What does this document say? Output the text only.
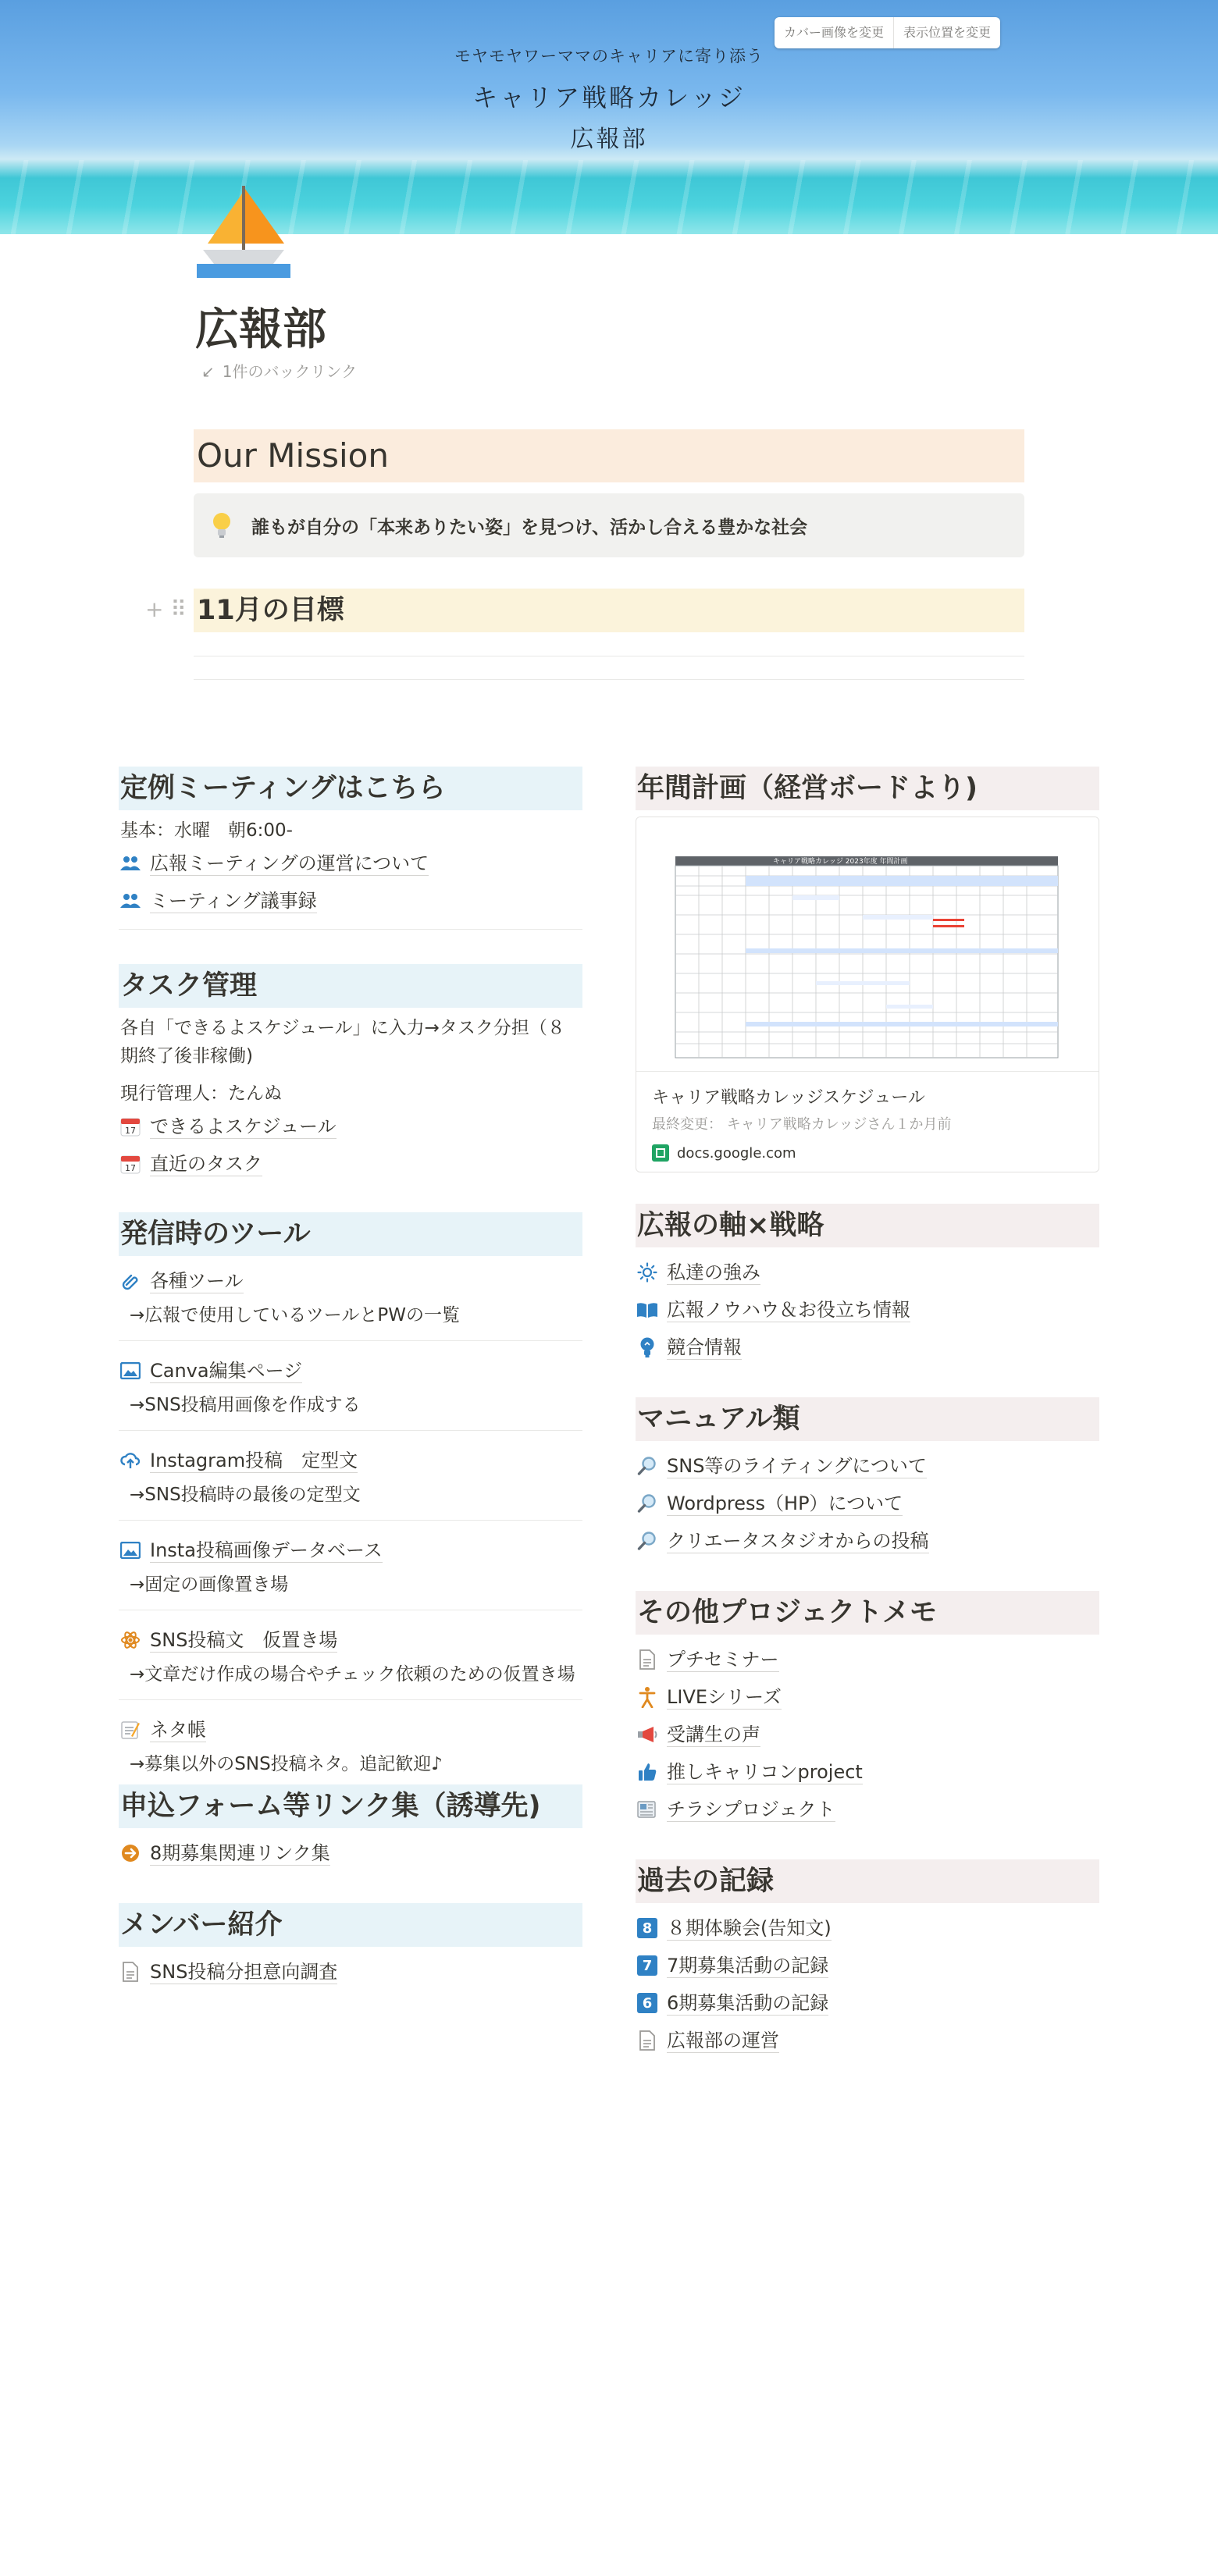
モヤモヤワーママのキャリアに寄り添う
キャリア戦略カレッジ
広報部
カバー画像を変更	表示位置を変更
広報部
↙ 1件のバックリンク
Our Mission
誰もが自分の「本来ありたい姿」を見つけ、活かし合える豊かな社会
+ ⠿ 11月の目標
定例ミーティングはこちら
基本：水曜　朝6:00-
広報ミーティングの運営について
ミーティング議事録
タスク管理
各自「できるよスケジュール」に入力→タスク分担（８期終了後非稼働)
現行管理人：たんぬ
17 できるよスケジュール
17 直近のタスク
発信時のツール
各種ツール
→広報で使用しているツールとPWの一覧
Canva編集ページ
→SNS投稿用画像を作成する
Instagram投稿　定型文
→SNS投稿時の最後の定型文
Insta投稿画像データベース
→固定の画像置き場
SNS投稿文　仮置き場
→文章だけ作成の場合やチェック依頼のための仮置き場
ネタ帳
→募集以外のSNS投稿ネタ。追記歓迎♪
申込フォーム等リンク集（誘導先)
8期募集関連リンク集
メンバー紹介
SNS投稿分担意向調査
年間計画（経営ボードより)
キャリア戦略カレッジ 2023年度 年間計画
キャリア戦略カレッジスケジュール
最終変更： キャリア戦略カレッジさん１か月前
docs.google.com
広報の軸×戦略
私達の強み
広報ノウハウ＆お役立ち情報
競合情報
マニュアル類
SNS等のライティングについて
Wordpress（HP）について
クリエータスタジオからの投稿
その他プロジェクトメモ
プチセミナー
LIVEシリーズ
受講生の声
推しキャリコンproject
チラシプロジェクト
過去の記録
8 ８期体験会(告知文)
7 7期募集活動の記録
6 6期募集活動の記録
広報部の運営
